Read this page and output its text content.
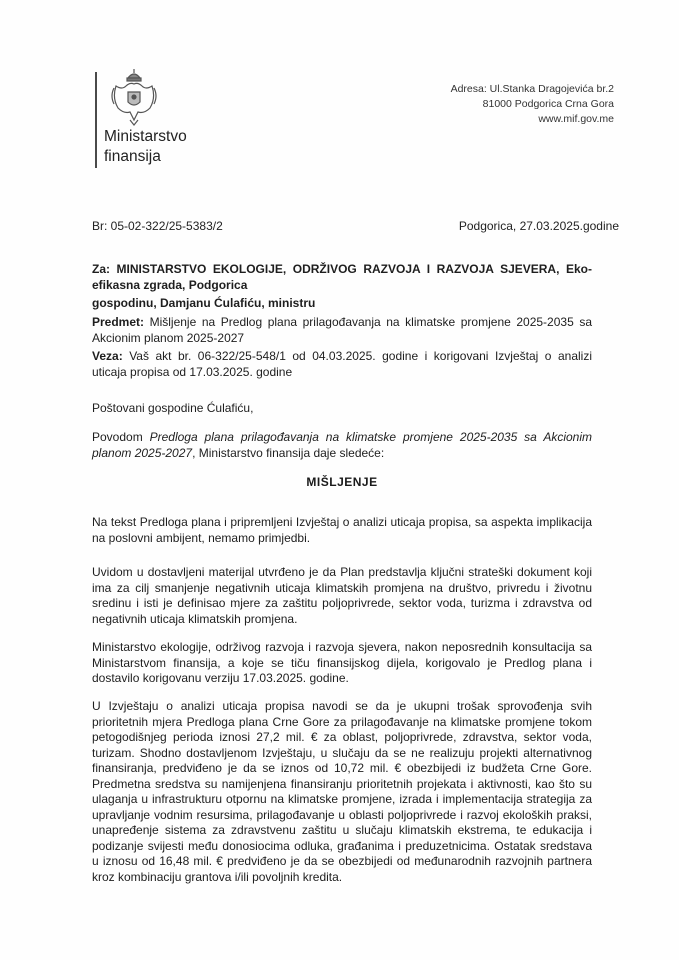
Ministarstvo
finansija
Adresa: Ul.Stanka Dragojevića br.2
81000 Podgorica Crna Gora
www.mif.gov.me
Br: 05-02-322/25-5383/2	Podgorica, 27.03.2025.godine
Za: MINISTARSTVO EKOLOGIJE, ODRŽIVOG RAZVOJA I RAZVOJA SJEVERA, Eko-efikasna zgrada, Podgorica
gospodinu, Damjanu Ćulafiću, ministru
Predmet: Mišljenje na Predlog plana prilagođavanja na klimatske promjene 2025-2035 sa Akcionim planom 2025-2027
Veza: Vaš akt br. 06-322/25-548/1 od 04.03.2025. godine i korigovani Izvještaj o analizi uticaja propisa od 17.03.2025. godine
Poštovani gospodine Ćulafiću,
Povodom Predloga plana prilagođavanja na klimatske promjene 2025-2035 sa Akcionim planom 2025-2027, Ministarstvo finansija daje sledeće:
MIŠLJENJE
Na tekst Predloga plana i pripremljeni Izvještaj o analizi uticaja propisa, sa aspekta implikacija na poslovni ambijent, nemamo primjedbi.
Uvidom u dostavljeni materijal utvrđeno je da Plan predstavlja ključni strateški dokument koji ima za cilj smanjenje negativnih uticaja klimatskih promjena na društvo, privredu i životnu sredinu i isti je definisao mjere za zaštitu poljoprivrede, sektor voda, turizma i zdravstva od negativnih uticaja klimatskih promjena.
Ministarstvo ekologije, održivog razvoja i razvoja sjevera, nakon neposrednih konsultacija sa Ministarstvom finansija, a koje se tiču finansijskog dijela, korigovalo je Predlog plana i dostavilo korigovanu verziju 17.03.2025. godine.
U Izvještaju o analizi uticaja propisa navodi se da je ukupni trošak sprovođenja svih prioritetnih mjera Predloga plana Crne Gore za prilagođavanje na klimatske promjene tokom petogodišnjeg perioda iznosi 27,2 mil. € za oblast, poljoprivrede, zdravstva, sektor voda, turizam. Shodno dostavljenom Izvještaju, u slučaju da se ne realizuju projekti alternativnog finansiranja, predviđeno je da se iznos od 10,72 mil. € obezbijedi iz budžeta Crne Gore. Predmetna sredstva su namijenjena finansiranju prioritetnih projekata i aktivnosti, kao što su ulaganja u infrastrukturu otpornu na klimatske promjene, izrada i implementacija strategija za upravljanje vodnim resursima, prilagođavanje u oblasti poljoprivrede i razvoj ekoloških praksi, unapređenje sistema za zdravstvenu zaštitu u slučaju klimatskih ekstrema, te edukacija i podizanje svijesti među donosiocima odluka, građanima i preduzetnicima. Ostatak sredstava u iznosu od 16,48 mil. € predviđeno je da se obezbijedi od međunarodnih razvojnih partnera kroz kombinaciju grantova i/ili povoljnih kredita.
